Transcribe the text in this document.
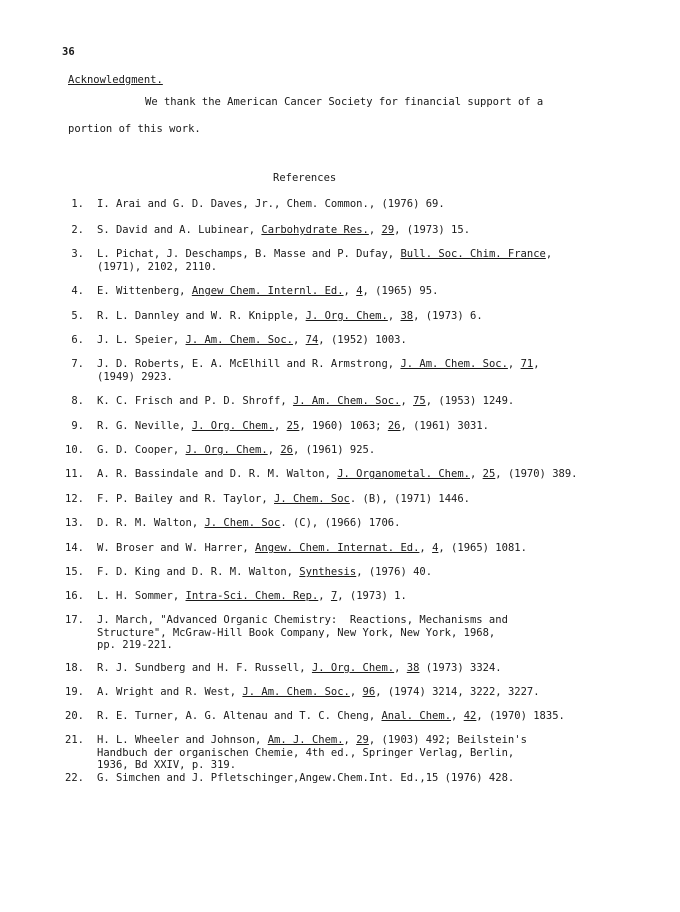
36
Acknowledgment.
We thank the American Cancer Society for financial support of a
portion of this work.
References
1. I. Arai and G. D. Daves, Jr., Chem. Common., (1976) 69.
2. S. David and A. Lubinear, Carbohydrate Res., 29, (1973) 15.
3. L. Pichat, J. Deschamps, B. Masse and P. Dufay, Bull. Soc. Chim. France,
(1971), 2102, 2110.
4. E. Wittenberg, Angew Chem. Internl. Ed., 4, (1965) 95.
5. R. L. Dannley and W. R. Knipple, J. Org. Chem., 38, (1973) 6.
6. J. L. Speier, J. Am. Chem. Soc., 74, (1952) 1003.
7. J. D. Roberts, E. A. McElhill and R. Armstrong, J. Am. Chem. Soc., 71,
(1949) 2923.
8. K. C. Frisch and P. D. Shroff, J. Am. Chem. Soc., 75, (1953) 1249.
9. R. G. Neville, J. Org. Chem., 25, 1960) 1063; 26, (1961) 3031.
10. G. D. Cooper, J. Org. Chem., 26, (1961) 925.
11. A. R. Bassindale and D. R. M. Walton, J. Organometal. Chem., 25, (1970) 389.
12. F. P. Bailey and R. Taylor, J. Chem. Soc. (B), (1971) 1446.
13. D. R. M. Walton, J. Chem. Soc. (C), (1966) 1706.
14. W. Broser and W. Harrer, Angew. Chem. Internat. Ed., 4, (1965) 1081.
15. F. D. King and D. R. M. Walton, Synthesis, (1976) 40.
16. L. H. Sommer, Intra-Sci. Chem. Rep., 7, (1973) 1.
17. J. March, "Advanced Organic Chemistry:  Reactions, Mechanisms and
Structure", McGraw-Hill Book Company, New York, New York, 1968,
pp. 219-221.
18. R. J. Sundberg and H. F. Russell, J. Org. Chem., 38 (1973) 3324.
19. A. Wright and R. West, J. Am. Chem. Soc., 96, (1974) 3214, 3222, 3227.
20. R. E. Turner, A. G. Altenau and T. C. Cheng, Anal. Chem., 42, (1970) 1835.
21. H. L. Wheeler and Johnson, Am. J. Chem., 29, (1903) 492; Beilstein's
Handbuch der organischen Chemie, 4th ed., Springer Verlag, Berlin,
1936, Bd XXIV, p. 319.
22. G. Simchen and J. Pfletschinger,Angew.Chem.Int. Ed.,15 (1976) 428.
